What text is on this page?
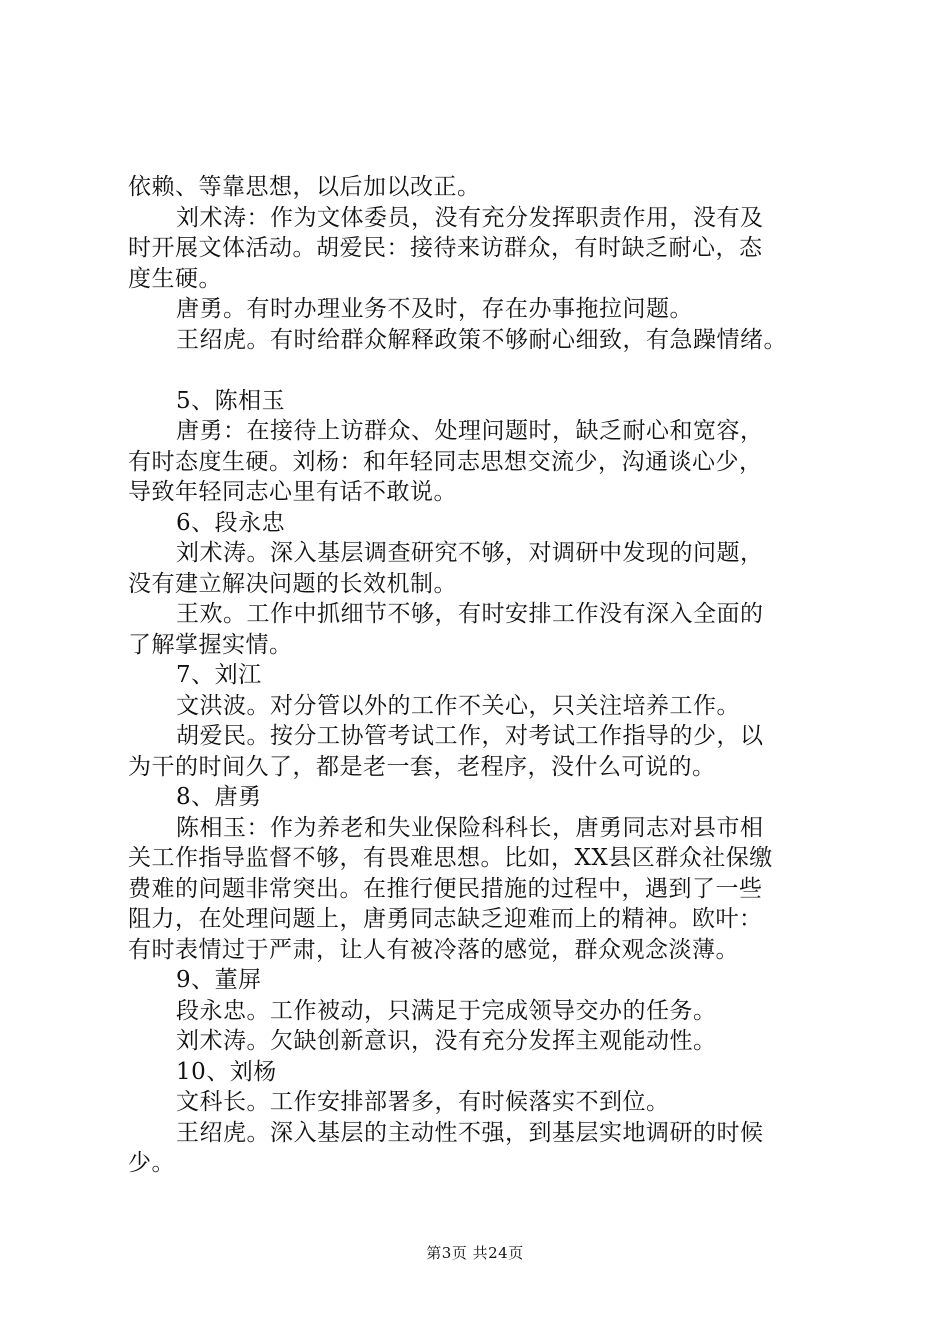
依赖、等靠思想，以后加以改正。
刘术涛：作为文体委员，没有充分发挥职责作用，没有及
时开展文体活动。胡爱民：接待来访群众，有时缺乏耐心，态
度生硬。
唐勇。有时办理业务不及时，存在办事拖拉问题。
王绍虎。有时给群众解释政策不够耐心细致，有急躁情绪。
5、陈相玉
唐勇：在接待上访群众、处理问题时，缺乏耐心和宽容，
有时态度生硬。刘杨：和年轻同志思想交流少，沟通谈心少，
导致年轻同志心里有话不敢说。
6、段永忠
刘术涛。深入基层调查研究不够，对调研中发现的问题，
没有建立解决问题的长效机制。
王欢。工作中抓细节不够，有时安排工作没有深入全面的
了解掌握实情。
7、刘江
文洪波。对分管以外的工作不关心，只关注培养工作。
胡爱民。按分工协管考试工作，对考试工作指导的少，以
为干的时间久了，都是老一套，老程序，没什么可说的。
8、唐勇
陈相玉：作为养老和失业保险科科长，唐勇同志对县市相
关工作指导监督不够，有畏难思想。比如，XX县区群众社保缴
费难的问题非常突出。在推行便民措施的过程中，遇到了一些
阻力，在处理问题上，唐勇同志缺乏迎难而上的精神。欧叶：
有时表情过于严肃，让人有被冷落的感觉，群众观念淡薄。
9、董屏
段永忠。工作被动，只满足于完成领导交办的任务。
刘术涛。欠缺创新意识，没有充分发挥主观能动性。
10、刘杨
文科长。工作安排部署多，有时候落实不到位。
王绍虎。深入基层的主动性不强，到基层实地调研的时候
少。
第3页 共24页
